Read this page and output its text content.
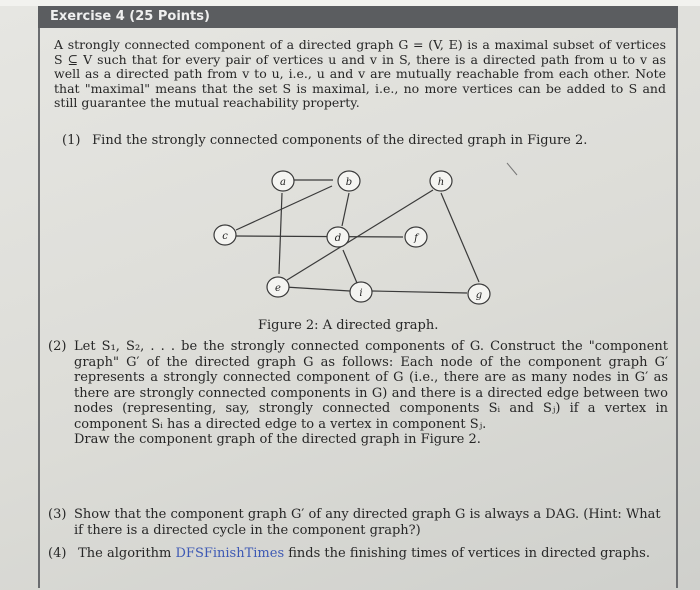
Exercise 4 (25 Points)
A strongly connected component of a directed graph G = (V, E) is a maximal subset of vertices S ⊆ V such that for every pair of vertices u and v in S, there is a directed path from u to v as well as a directed path from v to u, i.e., u and v are mutually reachable from each other. Note that "maximal" means that the set S is maximal, i.e., no more vertices can be added to S and still guarantee the mutual reachability property.
(1) Find the strongly connected components of the directed graph in Figure 2.
a	b	h
c	d	f
e	i	g
Figure 2: A directed graph.
(2) Let S₁, S₂, . . . be the strongly connected components of G. Construct the "component graph" G′ of the directed graph G as follows: Each node of the component graph G′ represents a strongly connected component of G (i.e., there are as many nodes in G′ as there are strongly connected components in G) and there is a directed edge between two nodes (representing, say, strongly connected components Sᵢ and Sⱼ) if a vertex in component Sᵢ has a directed edge to a vertex in component Sⱼ.
Draw the component graph of the directed graph in Figure 2.
(3) Show that the component graph G′ of any directed graph G is always a DAG. (Hint: What if there is a directed cycle in the component graph?)
(4) The algorithm DFSFinishTimes finds the finishing times of vertices in directed graphs.
